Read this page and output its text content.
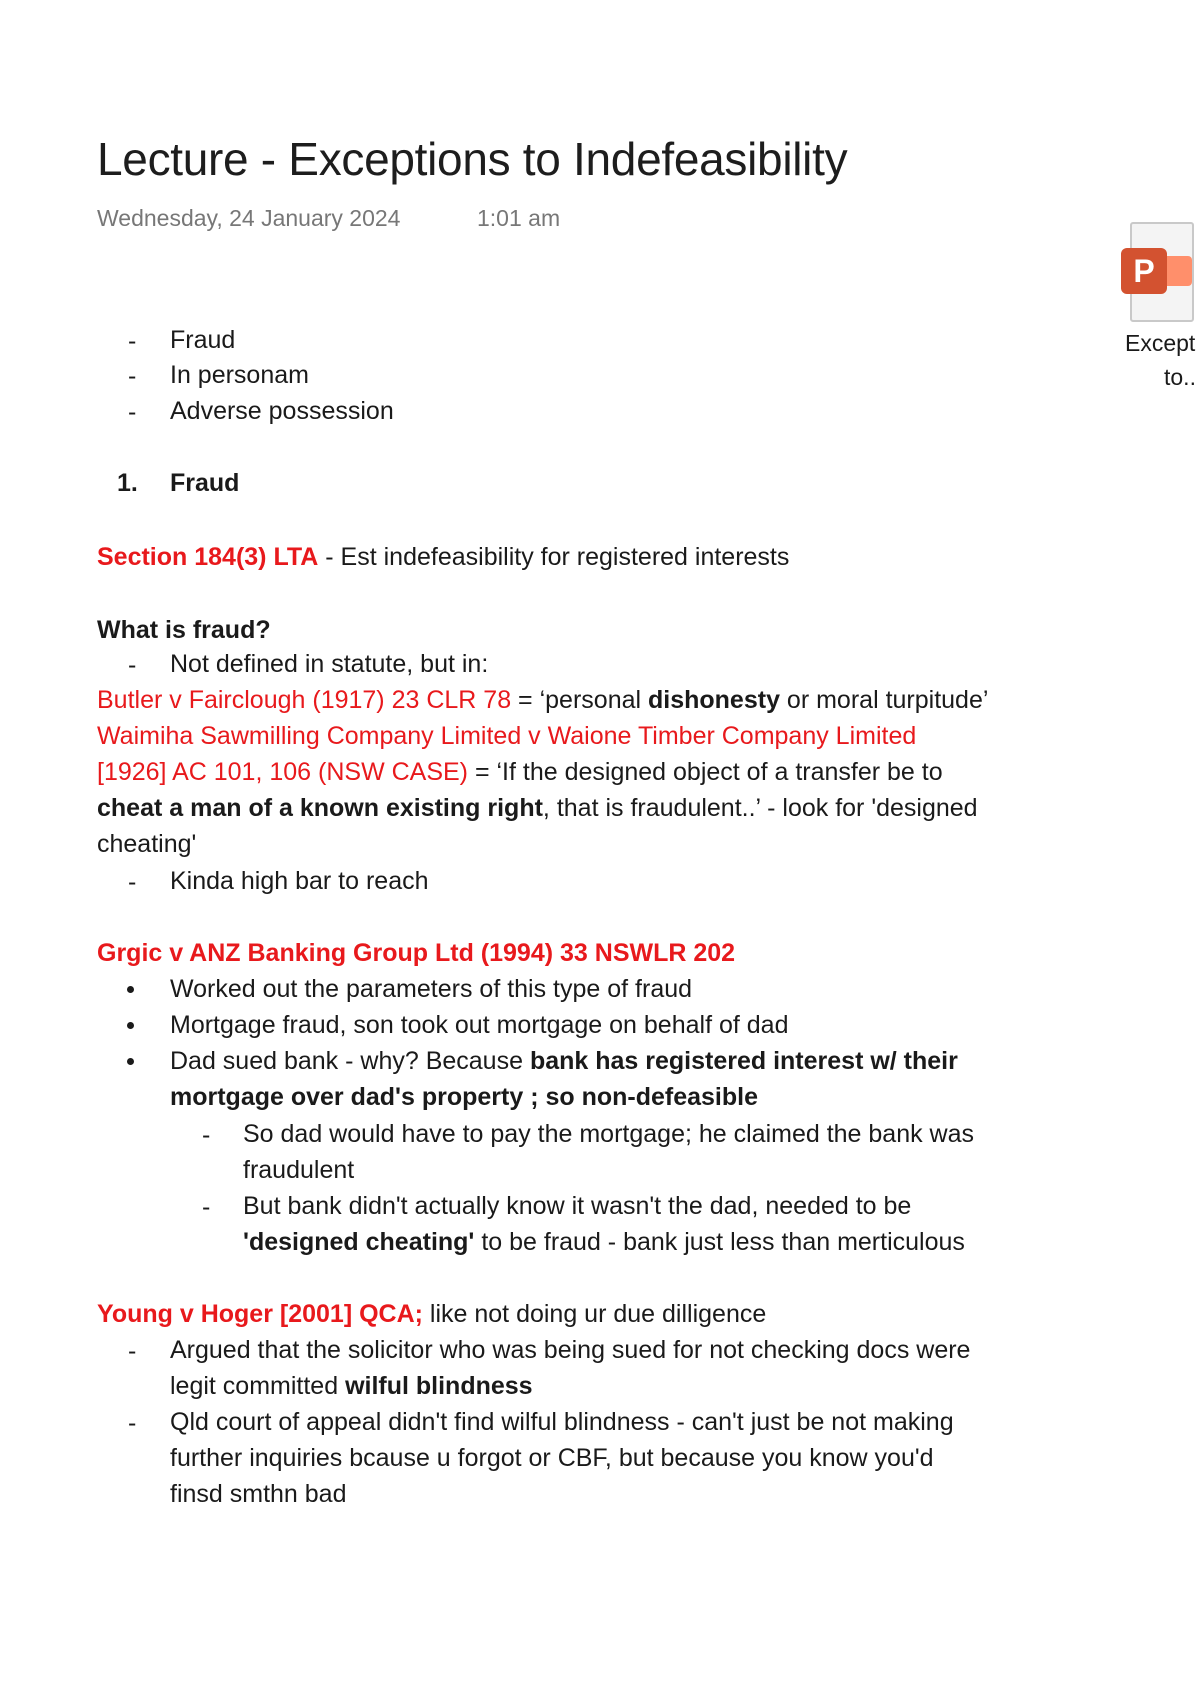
Lecture - Exceptions to Indefeasibility
Wednesday, 24 January 2024	1:01 am
P
Except
to..
- Fraud
- In personam
- Adverse possession
1. Fraud
Section 184(3) LTA - Est indefeasibility for registered interests
What is fraud?
- Not defined in statute, but in:
Butler v Fairclough (1917) 23 CLR 78 = ‘personal dishonesty or moral turpitude’
Waimiha Sawmilling Company Limited v Waione Timber Company Limited
[1926] AC 101, 106 (NSW CASE) = ‘If the designed object of a transfer be to
cheat a man of a known existing right, that is fraudulent..’ - look for 'designed
cheating'
- Kinda high bar to reach
Grgic v ANZ Banking Group Ltd (1994) 33 NSWLR 202
Worked out the parameters of this type of fraud
Mortgage fraud, son took out mortgage on behalf of dad
Dad sued bank - why? Because bank has registered interest w/ their
mortgage over dad's property ; so non-defeasible
- So dad would have to pay the mortgage; he claimed the bank was
fraudulent
- But bank didn't actually know it wasn't the dad, needed to be
'designed cheating' to be fraud - bank just less than merticulous
Young v Hoger [2001] QCA; like not doing ur due dilligence
- Argued that the solicitor who was being sued for not checking docs were
legit committed wilful blindness
- Qld court of appeal didn't find wilful blindness - can't just be not making
further inquiries bcause u forgot or CBF, but because you know you'd
finsd smthn bad
